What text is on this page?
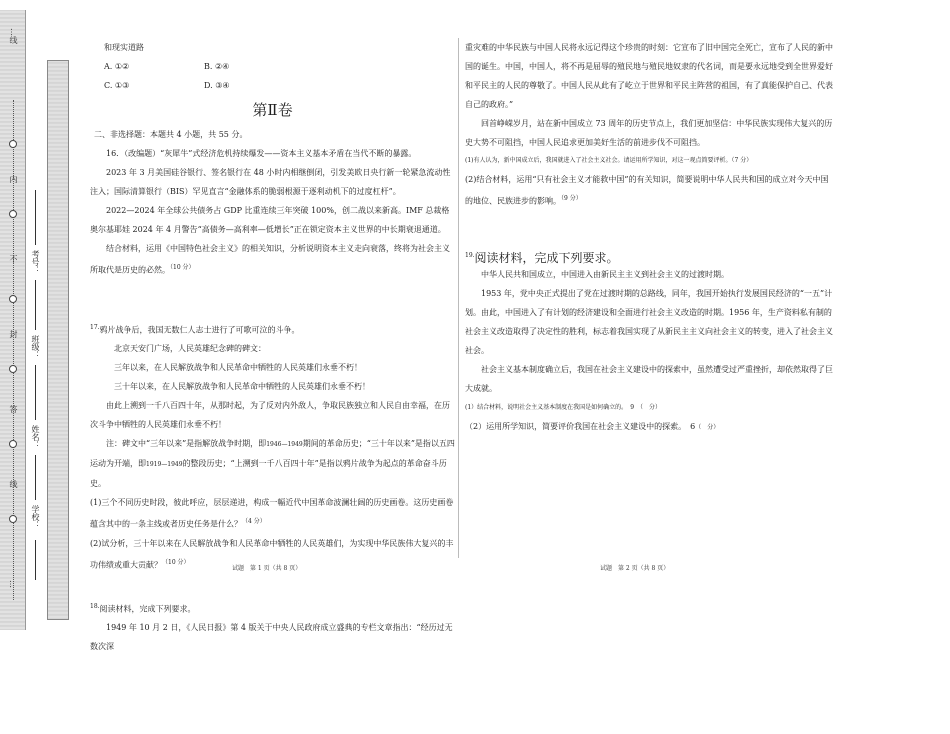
…线
内
不
封
答
线
…
考号：
班级：
姓名：
学校：
和现实道路
A. ①②	B. ②④
C. ①③	D. ③④
第Ⅱ卷
二、非选择题：本题共 4 小题，共 55 分。
16．（改编题）“灰犀牛”式经济危机持续爆发——资本主义基本矛盾在当代不断的暴露。
2023 年 3 月美国硅谷银行、签名银行在 48 小时内相继倒闭，引发美欧日央行新一轮紧急流动性注入；国际清算银行（BIS）罕见直言“金融体系的脆弱根源于逐利动机下的过度杠杆”。
2022—2024 年全球公共债务占 GDP 比重连续三年突破 100%，创二战以来新高。IMF 总裁格奥尔基耶娃 2024 年 4 月警告“高债务—高利率—低增长”正在锁定资本主义世界的中长期衰退通道。
结合材料，运用《中国特色社会主义》的相关知识，分析说明资本主义走向衰落，终将为社会主义所取代是历史的必然。$^{(10 分)}$
$^{17.}$鸦片战争后，我国无数仁人志士进行了可歌可泣的斗争。
北京天安门广场，人民英雄纪念碑的碑文：
三年以来，在人民解放战争和人民革命中牺牲的人民英雄们永垂不朽！
三十年以来，在人民解放战争和人民革命中牺牲的人民英雄们永垂不朽！
由此上溯到一千八百四十年，从那时起，为了反对内外敌人，争取民族独立和人民自由幸福，在历次斗争中牺牲的人民英雄们永垂不朽！
注：碑文中“三年以来”是指解放战争时期，即1946—1949期间的革命历史；“三十年以来”是指以五四运动为开端，即1919—1949的整段历史；“上溯到一千八百四十年”是指以鸦片战争为起点的革命奋斗历史。
(1)三个不同历史时段，彼此呼应，层层递进，构成一幅近代中国革命波澜壮阔的历史画卷。这历史画卷蕴含其中的一条主线或者历史任务是什么？$^{(4 分)}$
(2)试分析，三十年以来在人民解放战争和人民革命中牺牲的人民英雄们，为实现中华民族伟大复兴的丰功伟绩或重大贡献？$^{(10 分)}$
$^{18.}$阅读材料，完成下列要求。
1949 年 10 月 2 日，《人民日报》第 4 版关于中央人民政府成立盛典的专栏文章指出：“经历过无数次深
试题　第 1 页（共 8 页）
重灾难的中华民族与中国人民将永远记得这个珍贵的时刻：它宣布了旧中国完全死亡，宣布了人民的新中国的诞生。中国，中国人，将不再是屈辱的殖民地与殖民地奴隶的代名词，而是要永远地受到全世界爱好和平民主的人民的尊敬了。中国人民从此有了屹立于世界和平民主阵营的祖国，有了真能保护自己、代表自己的政府。”
回首峥嵘岁月，站在新中国成立 73 周年的历史节点上，我们更加坚信：中华民族实现伟大复兴的历史大势不可阻挡，中国人民追求更加美好生活的前进步伐不可阻挡。
(1)有人认为，新中国成立后，我国就进入了社会主义社会。请运用所学知识，对这一观点简要评析。（7 分）
(2)结合材料，运用“只有社会主义才能救中国”的有关知识，简要说明中华人民共和国的成立对今天中国的地位、民族进步的影响。$^{(9 分)}$
$^{19.}$阅读材料，完成下列要求。
中华人民共和国成立，中国进入由新民主主义到社会主义的过渡时期。
1953 年，党中央正式提出了党在过渡时期的总路线，同年，我国开始执行发展国民经济的“一五”计划。由此，中国进入了有计划的经济建设和全面进行社会主义改造的时期。1956 年，生产资料私有制的社会主义改造取得了决定性的胜利，标志着我国实现了从新民主主义向社会主义的转变，进入了社会主义社会。
社会主义基本制度确立后，我国在社会主义建设中的探索中，虽然遭受过严重挫折，却依然取得了巨大成就。
(1）结合材料，说明社会主义基本制度在我国是如何确立的。　 9　 （　分）
（2）运用所学知识，简要评价我国在社会主义建设中的探索。　 6（　分）
试题　第 2 页（共 8 页）
